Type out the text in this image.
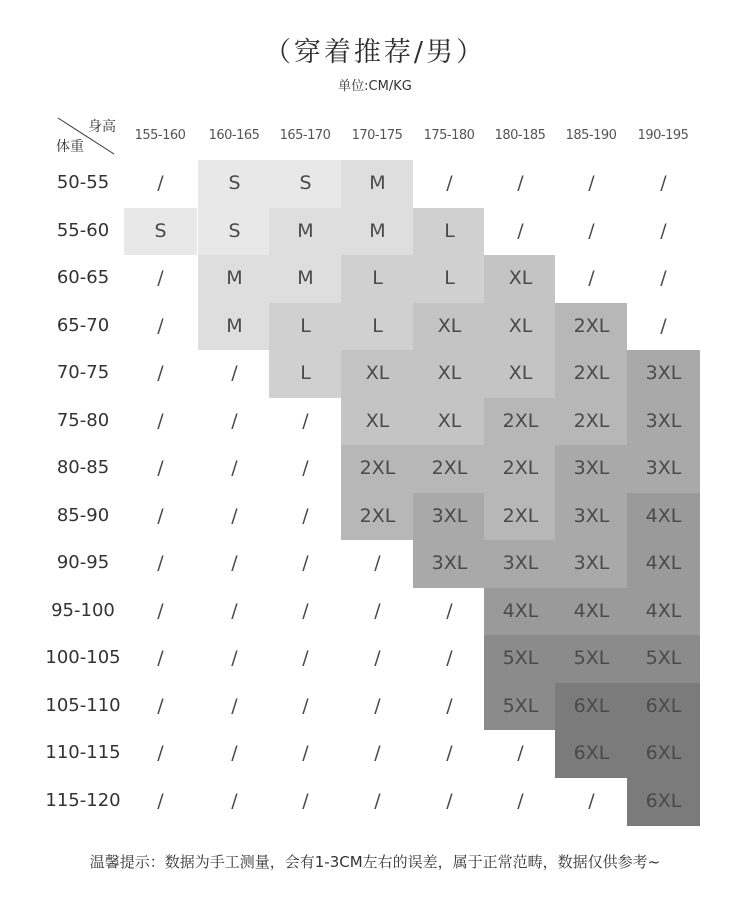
（穿着推荐/男）
单位:CM/KG
身高
体重
155-160	160-165	165-170	170-175	175-180	180-185	185-190	190-195
50-55	/	S	S	M	/	/	/	/
55-60	S	S	M	M	L	/	/	/
60-65	/	M	M	L	L	XL	/	/
65-70	/	M	L	L	XL	XL	2XL	/
70-75	/	/	L	XL	XL	XL	2XL	3XL
75-80	/	/	/	XL	XL	2XL	2XL	3XL
80-85	/	/	/	2XL	2XL	2XL	3XL	3XL
85-90	/	/	/	2XL	3XL	2XL	3XL	4XL
90-95	/	/	/	/	3XL	3XL	3XL	4XL
95-100	/	/	/	/	/	4XL	4XL	4XL
100-105	/	/	/	/	/	5XL	5XL	5XL
105-110	/	/	/	/	/	5XL	6XL	6XL
110-115	/	/	/	/	/	/	6XL	6XL
115-120	/	/	/	/	/	/	/	6XL
温馨提示：数据为手工测量，会有1-3CM左右的误差，属于正常范畴，数据仅供参考~
